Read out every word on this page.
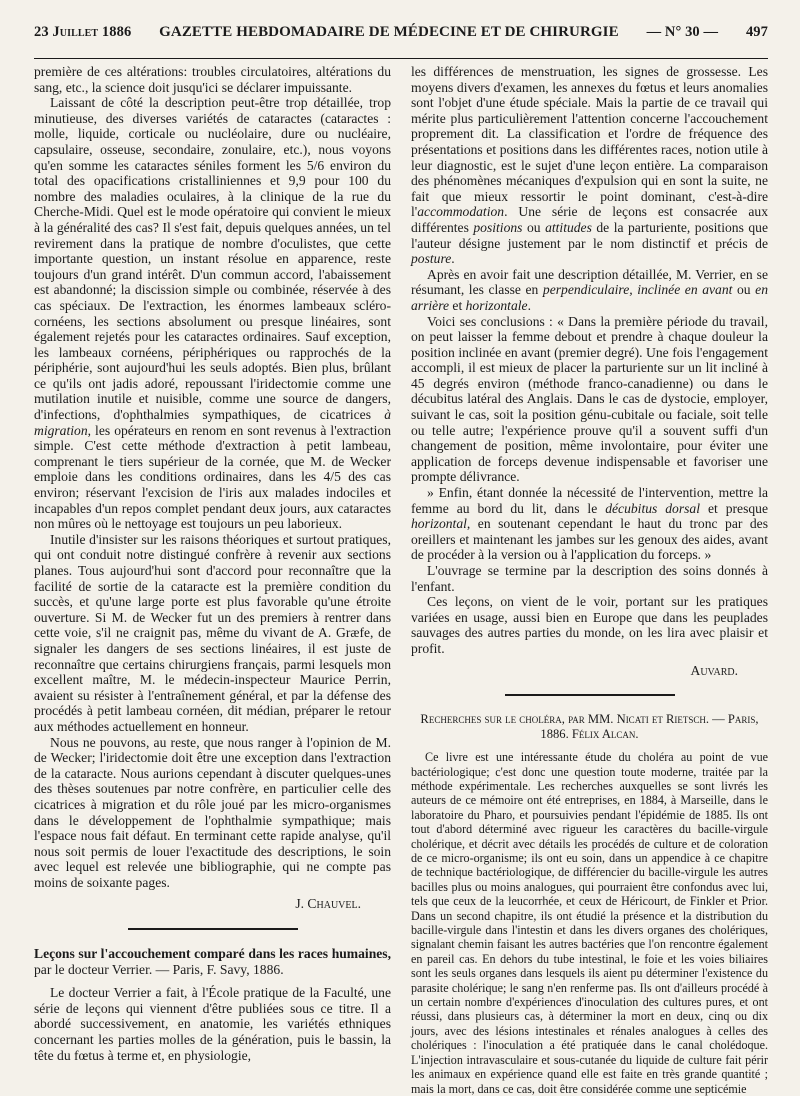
23 Juillet 1886 GAZETTE HEBDOMADAIRE DE MÉDECINE ET DE CHIRURGIE — N° 30 — 497

première de ces altérations: troubles circulatoires, altérations du sang, etc., la science doit jusqu'ici se déclarer impuissante.

Laissant de côté la description peut-être trop détaillée, trop minutieuse, des diverses variétés de cataractes (cataractes : molle, liquide, corticale ou nucléolaire, dure ou nucléaire, capsulaire, osseuse, secondaire, zonulaire, etc.), nous voyons qu'en somme les cataractes séniles forment les 5/6 environ du total des opacifications cristalliniennes et 9,9 pour 100 du nombre des maladies oculaires, à la clinique de la rue du Cherche-Midi. Quel est le mode opératoire qui convient le mieux à la généralité des cas? Il s'est fait, depuis quelques années, un tel revirement dans la pratique de nombre d'oculistes, que cette importante question, un instant résolue en apparence, reste toujours d'un grand intérêt. D'un commun accord, l'abaissement est abandonné; la discission simple ou combinée, réservée à des cas spéciaux. De l'extraction, les énormes lambeaux scléro-cornéens, les sections absolument ou presque linéaires, sont également rejetés pour les cataractes ordinaires. Sauf exception, les lambeaux cornéens, périphériques ou rapprochés de la périphérie, sont aujourd'hui les seuls adoptés. Bien plus, brûlant ce qu'ils ont jadis adoré, repoussant l'iridectomie comme une mutilation inutile et nuisible, comme une source de dangers, d'infections, d'ophthalmies sympathiques, de cicatrices à migration, les opérateurs en renom en sont revenus à l'extraction simple. C'est cette méthode d'extraction à petit lambeau, comprenant le tiers supérieur de la cornée, que M. de Wecker emploie dans les conditions ordinaires, dans les 4/5 des cas environ; réservant l'excision de l'iris aux malades indociles et incapables d'un repos complet pendant deux jours, aux cataractes non mûres où le nettoyage est toujours un peu laborieux.

Inutile d'insister sur les raisons théoriques et surtout pratiques, qui ont conduit notre distingué confrère à revenir aux sections planes. Tous aujourd'hui sont d'accord pour reconnaître que la facilité de sortie de la cataracte est la première condition du succès, et qu'une large porte est plus favorable qu'une étroite ouverture. Si M. de Wecker fut un des premiers à rentrer dans cette voie, s'il ne craignit pas, même du vivant de A. Græfe, de signaler les dangers de ses sections linéaires, il est juste de reconnaître que certains chirurgiens français, parmi lesquels mon excellent maître, M. le médecin-inspecteur Maurice Perrin, avaient su résister à l'entraînement général, et par la défense des procédés à petit lambeau cornéen, dit médian, préparer le retour aux méthodes actuellement en honneur.

Nous ne pouvons, au reste, que nous ranger à l'opinion de M. de Wecker; l'iridectomie doit être une exception dans l'extraction de la cataracte. Nous aurions cependant à discuter quelques-unes des thèses soutenues par notre confrère, en particulier celle des cicatrices à migration et du rôle joué par les micro-organismes dans le développement de l'ophthalmie sympathique; mais l'espace nous fait défaut. En terminant cette rapide analyse, qu'il nous soit permis de louer l'exactitude des descriptions, le soin avec lequel est relevée une bibliographie, qui ne compte pas moins de soixante pages.

J. Chauvel.

Leçons sur l'accouchement comparé dans les races humaines, par le docteur Verrier. — Paris, F. Savy, 1886.

Le docteur Verrier a fait, à l'École pratique de la Faculté, une série de leçons qui viennent d'être publiées sous ce titre. Il a abordé successivement, en anatomie, les variétés ethniques concernant les parties molles de la génération, puis le bassin, la tête du fœtus à terme et, en physiologie,

les différences de menstruation, les signes de grossesse. Les moyens divers d'examen, les annexes du fœtus et leurs anomalies sont l'objet d'une étude spéciale. Mais la partie de ce travail qui mérite plus particulièrement l'attention concerne l'accouchement proprement dit. La classification et l'ordre de fréquence des présentations et positions dans les différentes races, notion utile à leur diagnostic, est le sujet d'une leçon entière. La comparaison des phénomènes mécaniques d'expulsion qui en sont la suite, ne fait que mieux ressortir le point dominant, c'est-à-dire l'accommodation. Une série de leçons est consacrée aux différentes positions ou attitudes de la parturiente, positions que l'auteur désigne justement par le nom distinctif et précis de posture.

Après en avoir fait une description détaillée, M. Verrier, en se résumant, les classe en perpendiculaire, inclinée en avant ou en arrière et horizontale.

Voici ses conclusions : « Dans la première période du travail, on peut laisser la femme debout et prendre à chaque douleur la position inclinée en avant (premier degré). Une fois l'engagement accompli, il est mieux de placer la parturiente sur un lit incliné à 45 degrés environ (méthode franco-canadienne) ou dans le décubitus latéral des Anglais. Dans le cas de dystocie, employer, suivant le cas, soit la position génu-cubitale ou faciale, soit telle ou telle autre; l'expérience prouve qu'il a souvent suffi d'un changement de position, même involontaire, pour éviter une application de forceps devenue indispensable et favoriser une prompte délivrance.

» Enfin, étant donnée la nécessité de l'intervention, mettre la femme au bord du lit, dans le décubitus dorsal et presque horizontal, en soutenant cependant le haut du tronc par des oreillers et maintenant les jambes sur les genoux des aides, avant de procéder à la version ou à l'application du forceps. »

L'ouvrage se termine par la description des soins donnés à l'enfant.

Ces leçons, on vient de le voir, portant sur les pratiques variées en usage, aussi bien en Europe que dans les peuplades sauvages des autres parties du monde, on les lira avec plaisir et profit.

Auvard.

Recherches sur le choléra, par MM. Nicati et Rietsch. — Paris, 1886. Félix Alcan.

Ce livre est une intéressante étude du choléra au point de vue bactériologique; c'est donc une question toute moderne, traitée par la méthode expérimentale. Les recherches auxquelles se sont livrés les auteurs de ce mémoire ont été entreprises, en 1884, à Marseille, dans le laboratoire du Pharo, et poursuivies pendant l'épidémie de 1885. Ils ont tout d'abord déterminé avec rigueur les caractères du bacille-virgule cholérique, et décrit avec détails les procédés de culture et de coloration de ce micro-organisme; ils ont eu soin, dans un appendice à ce chapitre de technique bactériologique, de différencier du bacille-virgule les autres bacilles plus ou moins analogues, qui pourraient être confondus avec lui, tels que ceux de la leucorrhée, et ceux de Héricourt, de Finkler et Prior. Dans un second chapitre, ils ont étudié la présence et la distribution du bacille-virgule dans l'intestin et dans les divers organes des cholériques, signalant chemin faisant les autres bactéries que l'on rencontre également en pareil cas. En dehors du tube intestinal, le foie et les voies biliaires sont les seuls organes dans lesquels ils aient pu déterminer l'existence du parasite cholérique; le sang n'en renferme pas. Ils ont d'ailleurs procédé à un certain nombre d'expériences d'inoculation des cultures pures, et ont réussi, dans plusieurs cas, à déterminer la mort en deux, cinq ou dix jours, avec des lésions intestinales et rénales analogues à celles des cholériques : l'inoculation a été pratiquée dans le canal cholédoque. L'injection intravasculaire et sous-cutanée du liquide de culture fait périr les animaux en expérience quand elle est faite en très grande quantité ; mais la mort, dans ce cas, doit être considérée comme une septicémie
